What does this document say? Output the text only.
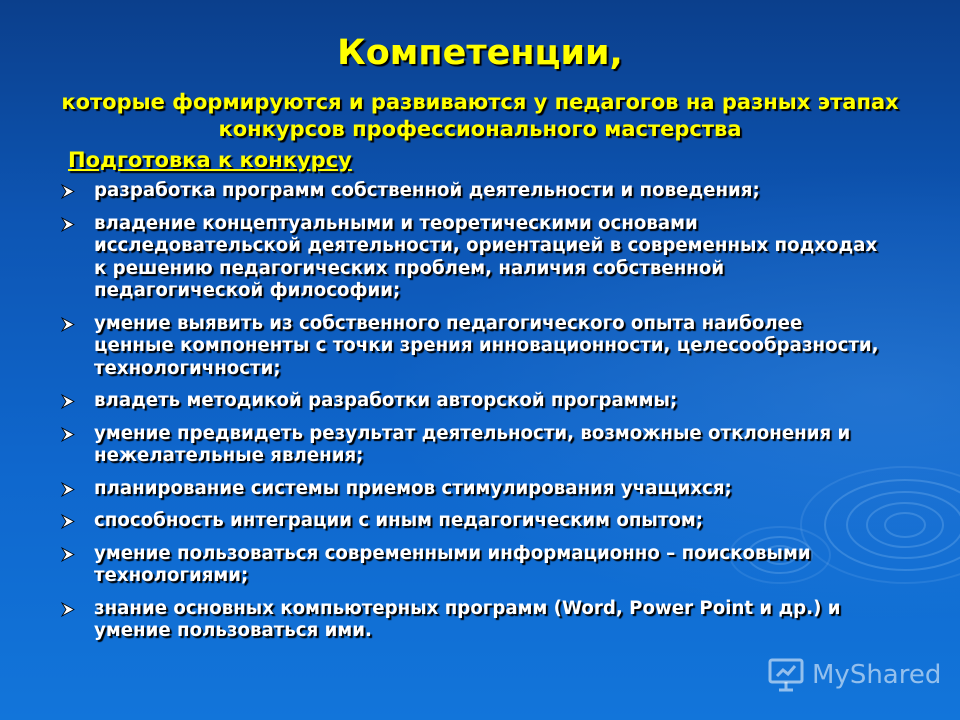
Компетенции,
которые формируются и развиваются у педагогов на разных этапах конкурсов профессионального мастерства
Подготовка к конкурсу
разработка программ собственной деятельности и поведения;
владение концептуальными и теоретическими основами исследовательской деятельности, ориентацией в современных подходах к решению педагогических проблем, наличия собственной педагогической философии;
умение выявить из собственного педагогического опыта наиболее ценные компоненты с точки зрения инновационности, целесообразности, технологичности;
владеть методикой разработки авторской программы;
умение предвидеть результат деятельности, возможные отклонения и нежелательные явления;
планирование системы приемов стимулирования учащихся;
способность интеграции с иным педагогическим опытом;
умение пользоваться современными информационно – поисковыми технологиями;
знание основных компьютерных программ (Word, Power Point и др.) и умение пользоваться ими.
MyShared
